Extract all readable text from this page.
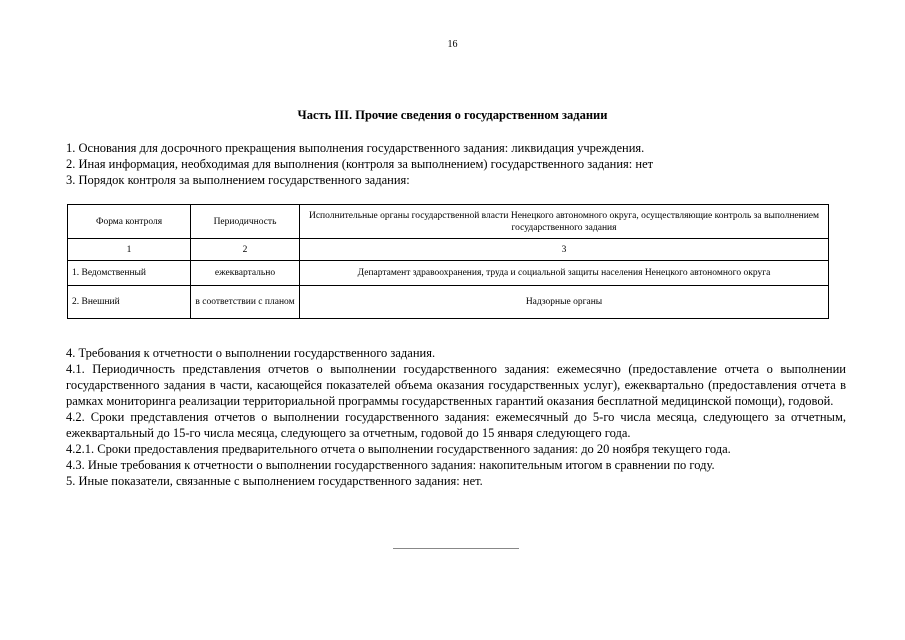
16
Часть III. Прочие сведения о государственном задании

1. Основания для досрочного прекращения выполнения государственного задания: ликвидация учреждения.

2. Иная информация, необходимая для выполнения (контроля за выполнением) государственного задания: нет

3. Порядок контроля за выполнением государственного задания:

Форма контроля	Периодичность	Исполнительные органы государственной власти Ненецкого автономного округа, осуществляющие контроль за выполнением государственного задания
1	2	3
1. Ведомственный	ежеквартально	Департамент здравоохранения, труда и социальной защиты населения Ненецкого автономного округа
2. Внешний	в соответствии с планом	Надзорные органы

4. Требования к отчетности о выполнении государственного задания.

4.1. Периодичность представления отчетов о выполнении государственного задания: ежемесячно (предоставление отчета о выполнении государственного задания в части, касающейся показателей объема оказания государственных услуг), ежеквартально (предоставления отчета в рамках мониторинга реализации территориальной программы государственных гарантий оказания бесплатной медицинской помощи), годовой.

4.2. Сроки представления отчетов о выполнении государственного задания: ежемесячный до 5-го числа месяца, следующего за отчетным, ежеквартальный до 15-го числа месяца, следующего за отчетным, годовой до 15 января следующего года.

4.2.1. Сроки предоставления предварительного отчета о выполнении государственного задания: до 20 ноября текущего года.

4.3. Иные требования к отчетности о выполнении государственного задания: накопительным итогом в сравнении по году.

5. Иные показатели, связанные с выполнением государственного задания: нет.
